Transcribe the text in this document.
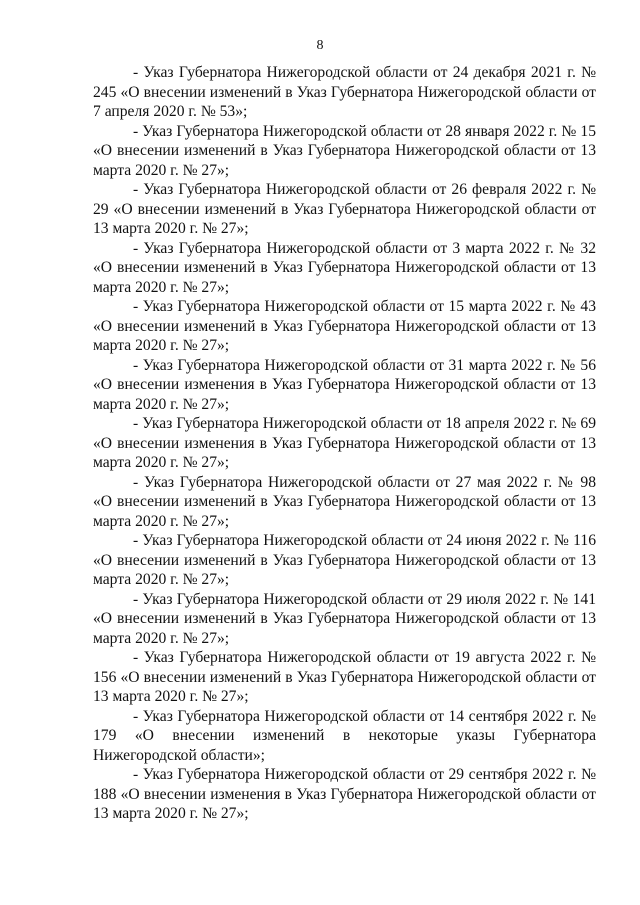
8

- Указ Губернатора Нижегородской области от 24 декабря 2021 г. № 245 «О внесении изменений в Указ Губернатора Нижегородской области от 7 апреля 2020 г. № 53»;

- Указ Губернатора Нижегородской области от 28 января 2022 г. № 15 «О внесении изменений в Указ Губернатора Нижегородской области от 13 марта 2020 г. № 27»;

- Указ Губернатора Нижегородской области от 26 февраля 2022 г. № 29 «О внесении изменений в Указ Губернатора Нижегородской области от 13 марта 2020 г. № 27»;

- Указ Губернатора Нижегородской области от 3 марта 2022 г. № 32 «О внесении изменений в Указ Губернатора Нижегородской области от 13 марта 2020 г. № 27»;

- Указ Губернатора Нижегородской области от 15 марта 2022 г. № 43 «О внесении изменений в Указ Губернатора Нижегородской области от 13 марта 2020 г. № 27»;

- Указ Губернатора Нижегородской области от 31 марта 2022 г. № 56 «О внесении изменения в Указ Губернатора Нижегородской области от 13 марта 2020 г. № 27»;

- Указ Губернатора Нижегородской области от 18 апреля 2022 г. № 69 «О внесении изменения в Указ Губернатора Нижегородской области от 13 марта 2020 г. № 27»;

- Указ Губернатора Нижегородской области от 27 мая 2022 г. № 98 «О внесении изменений в Указ Губернатора Нижегородской области от 13 марта 2020 г. № 27»;

- Указ Губернатора Нижегородской области от 24 июня 2022 г. № 116 «О внесении изменений в Указ Губернатора Нижегородской области от 13 марта 2020 г. № 27»;

- Указ Губернатора Нижегородской области от 29 июля 2022 г. № 141 «О внесении изменений в Указ Губернатора Нижегородской области от 13 марта 2020 г. № 27»;

- Указ Губернатора Нижегородской области от 19 августа 2022 г. № 156 «О внесении изменений в Указ Губернатора Нижегородской области от 13 марта 2020 г. № 27»;

- Указ Губернатора Нижегородской области от 14 сентября 2022 г. № 179 «О внесении изменений в некоторые указы Губернатора Нижегородской области»;

- Указ Губернатора Нижегородской области от 29 сентября 2022 г. № 188 «О внесении изменения в Указ Губернатора Нижегородской области от 13 марта 2020 г. № 27»;
